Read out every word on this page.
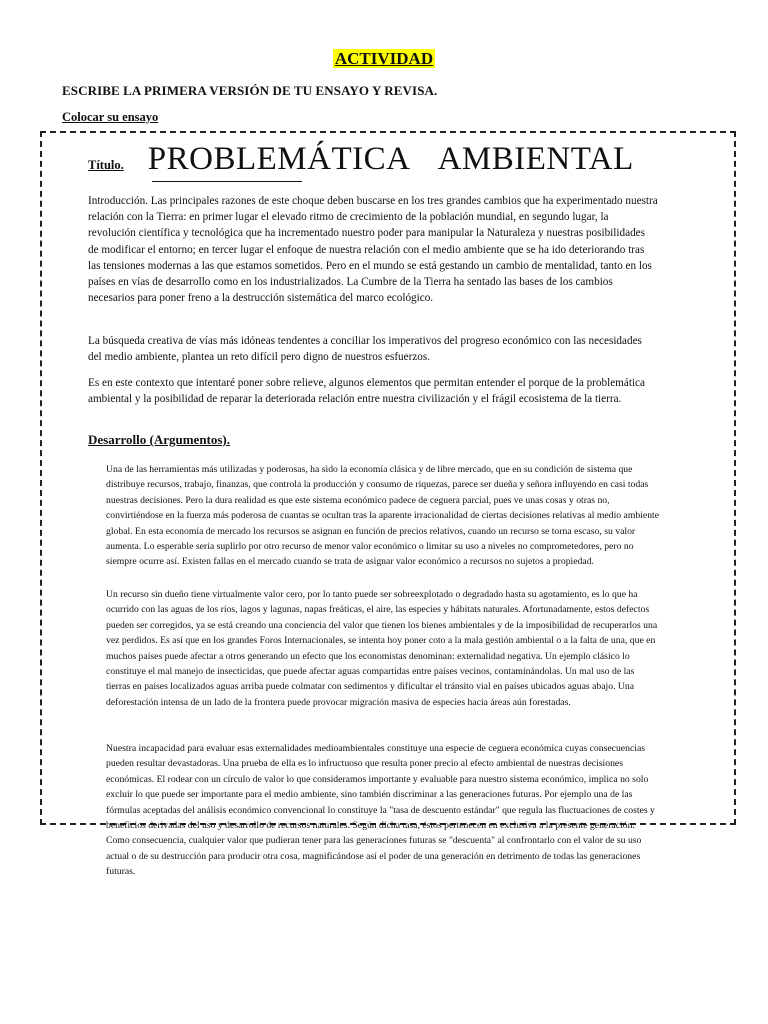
ACTIVIDAD
ESCRIBE LA PRIMERA VERSIÓN DE TU ENSAYO Y REVISA.
Colocar su ensayo
Título. PROBLEMÁTICA AMBIENTAL

Introducción. Las principales razones de este choque deben buscarse en los tres grandes cambios que ha experimentado nuestra relación con la Tierra: en primer lugar el elevado ritmo de crecimiento de la población mundial, en segundo lugar, la revolución científica y tecnológica que ha incrementado nuestro poder para manipular la Naturaleza y nuestras posibilidades de modificar el entorno; en tercer lugar el enfoque de nuestra relación con el medio ambiente que se ha ido deteriorando tras las tensiones modernas a las que estamos sometidos. Pero en el mundo se está gestando un cambio de mentalidad, tanto en los países en vías de desarrollo como en los industrializados. La Cumbre de la Tierra ha sentado las bases de los cambios necesarios para poner freno a la destrucción sistemática del marco ecológico.

La búsqueda creativa de vías más idóneas tendentes a conciliar los imperativos del progreso económico con las necesidades del medio ambiente, plantea un reto difícil pero digno de nuestros esfuerzos.

Es en este contexto que intentaré poner sobre relieve, algunos elementos que permitan entender el porque de la problemática ambiental y la posibilidad de reparar la deteriorada relación entre nuestra civilización y el frágil ecosistema de la tierra.

Desarrollo (Argumentos).

Una de las herramientas más utilizadas y poderosas, ha sido la economía clásica y de libre mercado, que en su condición de sistema que distribuye recursos, trabajo, finanzas, que controla la producción y consumo de riquezas, parece ser dueña y señora influyendo en casi todas nuestras decisiones. Pero la dura realidad es que este sistema económico padece de ceguera parcial, pues ve unas cosas y otras no, convirtiéndose en la fuerza más poderosa de cuantas se ocultan tras la aparente irracionalidad de ciertas decisiones relativas al medio ambiente global. En esta economía de mercado los recursos se asignan en función de precios relativos, cuando un recurso se torna escaso, su valor aumenta. Lo esperable sería suplirlo por otro recurso de menor valor económico o limitar su uso a niveles no comprometedores, pero no siempre ocurre así. Existen fallas en el mercado cuando se trata de asignar valor económico a recursos no sujetos a propiedad.

Un recurso sin dueño tiene virtualmente valor cero, por lo tanto puede ser sobreexplotado o degradado hasta su agotamiento, es lo que ha ocurrido con las aguas de los ríos, lagos y lagunas, napas freáticas, el aire, las especies y hábitats naturales. Afortunadamente, estos defectos pueden ser corregidos, ya se está creando una conciencia del valor que tienen los bienes ambientales y de la imposibilidad de recuperarlos una vez perdidos. Es así que en los grandes Foros Internacionales, se intenta hoy poner coto a la mala gestión ambiental o a la falta de una, que en muchos países puede afectar a otros generando un efecto que los economistas denominan: externalidad negativa. Un ejemplo clásico lo constituye el mal manejo de insecticidas, que puede afectar aguas compartidas entre países vecinos, contaminándolas. Un mal uso de las tierras en países localizados aguas arriba puede colmatar con sedimentos y dificultar el tránsito vial en países ubicados aguas abajo. Una deforestación intensa de un lado de la frontera puede provocar migración masiva de especies hacia áreas aún forestadas.

Nuestra incapacidad para evaluar esas externalidades medioambientales constituye una especie de ceguera económica cuyas consecuencias pueden resultar devastadoras. Una prueba de ella es lo infructuoso que resulta poner precio al efecto ambiental de nuestras decisiones económicas. El rodear con un círculo de valor lo que consideramos importante y evaluable para nuestro sistema económico, implica no solo excluir lo que puede ser importante para el medio ambiente, sino también discriminar a las generaciones futuras. Por ejemplo una de las fórmulas aceptadas del análisis económico convencional lo constituye la "tasa de descuento estándar" que regula las fluctuaciones de costes y beneficios derivadas del uso y desarrollo de recursos naturales. Según dicha tasa, éstos pertenecen en exclusiva a la presente generación. Como consecuencia, cualquier valor que pudieran tener para las generaciones futuras se "descuenta" al confrontarlo con el valor de su uso actual o de su destrucción para producir otra cosa, magnificándose así el poder de una generación en detrimento de todas las generaciones futuras.
